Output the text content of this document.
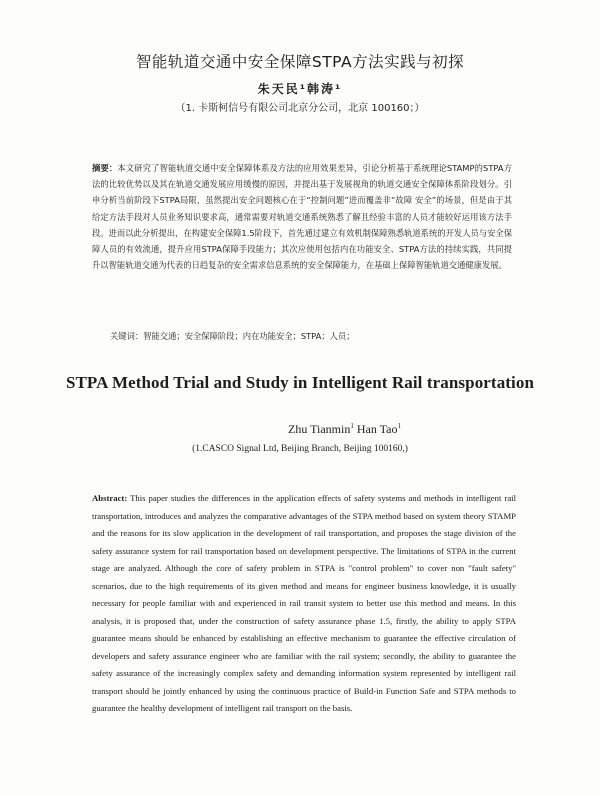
智能轨道交通中安全保障STPA方法实践与初探
朱天民¹韩涛¹
（1. 卡斯柯信号有限公司北京分公司，北京 100160；）
摘要：本文研究了智能轨道交通中安全保障体系及方法的应用效果差异，引论分析基于系统理论STAMP的STPA方法的比较优势以及其在轨道交通发展应用缓慢的原因，并提出基于发展视角的轨道交通安全保障体系阶段划分。引申分析当前阶段下STPA局限，虽然提出安全问题核心在于“控制问题”进而覆盖非“故障 安全”的场景，但是由于其给定方法手段对人员业务知识要求高，通常需要对轨道交通系统熟悉了解且经验丰富的人员才能较好运用该方法手段。进而以此分析提出，在构建安全保障1.5阶段下，首先通过建立有效机制保障熟悉轨道系统的开发人员与安全保障人员的有效流通，提升应用STPA保障手段能力；其次应使用包括内在功能安全、STPA方法的持续实践，共同提升以智能轨道交通为代表的日趋复杂的安全需求信息系统的安全保障能力，在基础上保障智能轨道交通健康发展。
关键词：智能交通；安全保障阶段；内在功能安全；STPA；人员；
STPA Method Trial and Study in Intelligent Rail transportation
Zhu Tianmin$^1$ Han Tao$^1$
(1.CASCO Signal Ltd, Beijing Branch, Beijing 100160,)
Abstract: This paper studies the differences in the application effects of safety systems and methods in intelligent rail transportation, introduces and analyzes the comparative advantages of the STPA method based on system theory STAMP and the reasons for its slow application in the development of rail transportation, and proposes the stage division of the safety assurance system for rail transportation based on development perspective. The limitations of STPA in the current stage are analyzed. Although the core of safety problem in STPA is "control problem" to cover non "fault safety" scenarios, due to the high requirements of its given method and means for engineer business knowledge, it is usually necessary for people familiar with and experienced in rail transit system to better use this method and means. In this analysis, it is proposed that, under the construction of safety assurance phase 1.5, firstly, the ability to apply STPA guarantee means should be enhanced by establishing an effective mechanism to guarantee the effective circulation of developers and safety assurance engineer who are familiar with the rail system; secondly, the ability to guarantee the safety assurance of the increasingly complex safety and demanding information system represented by intelligent rail transport should be jointly enhanced by using the continuous practice of Build-in Function Safe and STPA methods to guarantee the healthy development of intelligent rail transport on the basis.
